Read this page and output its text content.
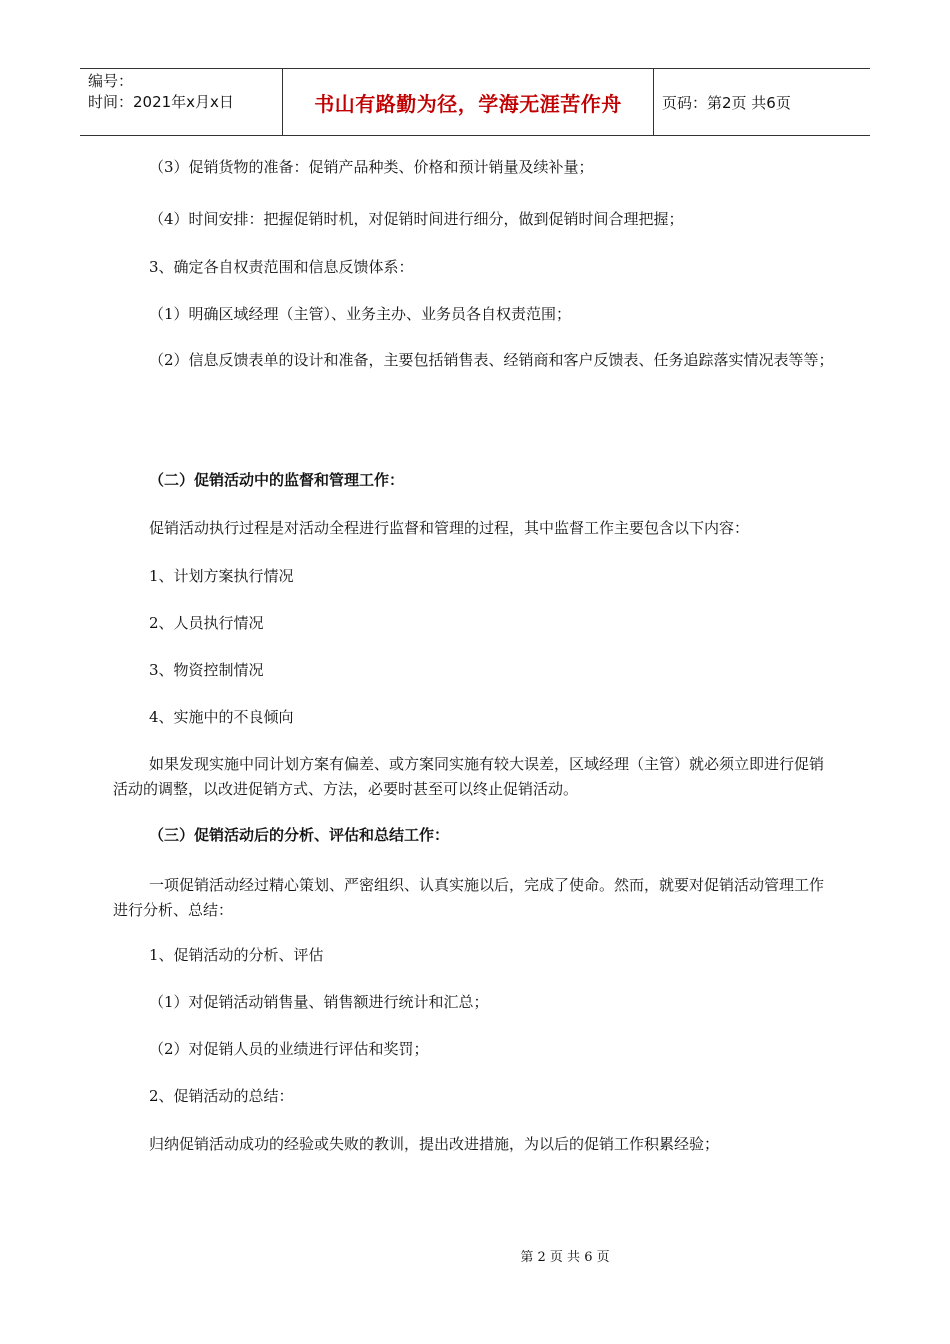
编号：
时间：2021年x月x日	书山有路勤为径，学海无涯苦作舟	页码：第2页 共6页

（3）促销货物的准备：促销产品种类、价格和预计销量及续补量；

（4）时间安排：把握促销时机，对促销时间进行细分，做到促销时间合理把握；

3、确定各自权责范围和信息反馈体系：

（1）明确区域经理（主管）、业务主办、业务员各自权责范围；

（2）信息反馈表单的设计和准备，主要包括销售表、经销商和客户反馈表、任务追踪落实情况表等等；

（二）促销活动中的监督和管理工作：

促销活动执行过程是对活动全程进行监督和管理的过程，其中监督工作主要包含以下内容：

1、计划方案执行情况

2、人员执行情况

3、物资控制情况

4、实施中的不良倾向

如果发现实施中同计划方案有偏差、或方案同实施有较大误差，区域经理（主管）就必须立即进行促销活动的调整，以改进促销方式、方法，必要时甚至可以终止促销活动。

（三）促销活动后的分析、评估和总结工作：

一项促销活动经过精心策划、严密组织、认真实施以后，完成了使命。然而，就要对促销活动管理工作进行分析、总结：

1、促销活动的分析、评估

（1）对促销活动销售量、销售额进行统计和汇总；

（2）对促销人员的业绩进行评估和奖罚；

2、促销活动的总结：

归纳促销活动成功的经验或失败的教训，提出改进措施，为以后的促销工作积累经验；

第 2 页 共 6 页
